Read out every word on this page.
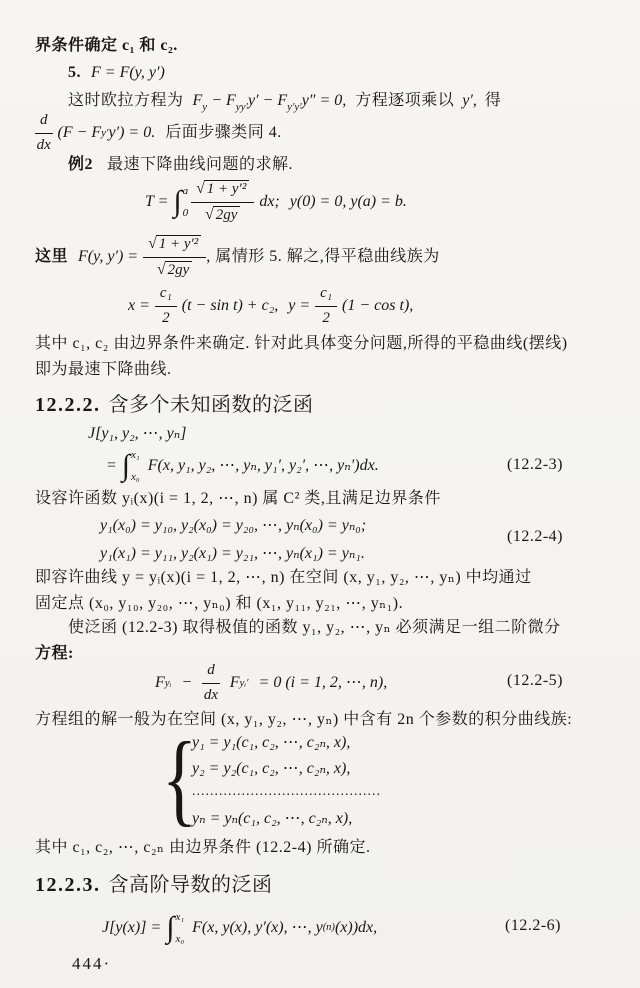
界条件确定 c₁ 和 c₂.
5. F = F(y, y′)
这时欧拉方程为 $F_y - F_{yy'}y' - F_{y'y'}y'' = 0$, 方程逐项乘以 y′, 得
$\frac{d}{dx} (F - F$ y′ y′) = 0. 后面步骤类同 4.
例2 最速下降曲线问题的求解.
T = ∫ a
$0 \frac{\text{√ 1 + y′²}}{√ 2gy}$ dx; y(0) = 0, y(a) = b.
这里 F(y, $y') = \frac{\text{√ 1 + y′²}}{√ 2gy}$ , 属情形 5. 解之,得平稳曲线族为
$x = \frac{\text{c₁}}{2} (t - \sin t) + c_2$, $y = \frac{\text{c₁}}{2} (1 - \cos t)$,
其中 c₁, c₂ 由边界条件来确定. 针对此具体变分问题,所得的平稳曲线(摆线)
即为最速下降曲线.
12.2.2. 含多个未知函数的泛函
J[y₁, y₂, ⋯, yₙ]
= ∫ x₁
x₀
F(x, y₁, y₂, ⋯, yₙ, y₁′, y₂′, ⋯, yₙ′)dx.	(12.2-3)
设容许函数 yᵢ(x)(i = 1, 2, ⋯, n) 属 C² 类,且满足边界条件
y₁(x₀) = y₁₀, y₂(x₀) = y₂₀, ⋯, yₙ(x₀) = yₙ₀;
y₁(x₁) = y₁₁, y₂(x₁) = y₂₁, ⋯, yₙ(x₁) = yₙ₁.
(12.2-4)
即容许曲线 y = yᵢ(x)(i = 1, 2, ⋯, n) 在空间 (x, y₁, y₂, ⋯, yₙ) 中均通过
固定点 (x₀, y₁₀, y₂₀, ⋯, yₙ₀) 和 (x₁, y₁₁, y₂₁, ⋯, yₙ₁).
使泛函 (12.2-3) 取得极值的函数 y₁, y₂, ⋯, yₙ 必须满足一组二阶微分
方程:
F yᵢ − $\frac{d}{dx}$ F yᵢ′ = 0 (i = 1, 2, ⋯, n),	(12.2-5)
方程组的解一般为在空间 (x, y₁, y₂, ⋯, yₙ) 中含有 2n 个参数的积分曲线族:
{
y₁ = y₁(c₁, c₂, ⋯, c₂ₙ, x),
y₂ = y₂(c₁, c₂, ⋯, c₂ₙ, x),
..........................................
yₙ = yₙ(c₁, c₂, ⋯, c₂ₙ, x),
其中 c₁, c₂, ⋯, c₂ₙ 由边界条件 (12.2-4) 所确定.
12.2.3. 含高阶导数的泛函
J[y(x)] = ∫ x₁
x₀
F(x, y(x), y′(x), ⋯, y (n) (x))dx,	(12.2-6)
444·
